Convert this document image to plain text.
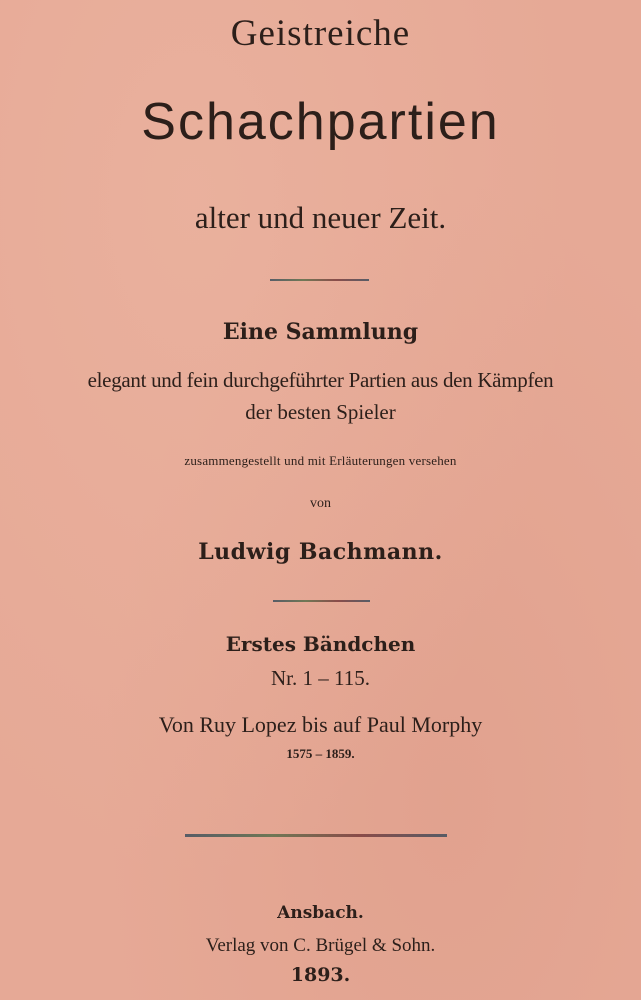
Geistreiche
Schachpartien
alter und neuer Zeit.
Eine Sammlung
elegant und fein durchgeführter Partien aus den Kämpfen
der besten Spieler
zusammengestellt und mit Erläuterungen versehen
von
Ludwig Bachmann.
Erstes Bändchen
Nr. 1 – 115.
Von Ruy Lopez bis auf Paul Morphy
1575 – 1859.
Ansbach.
Verlag von C. Brügel & Sohn.
1893.
